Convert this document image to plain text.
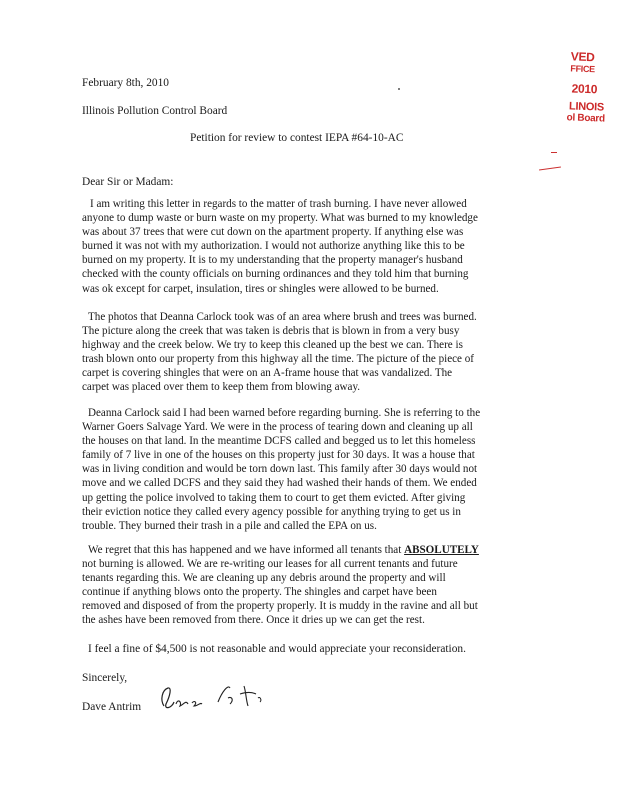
VED
FFICE
2010
LINOIS
ol Board
February 8th, 2010
Illinois Pollution Control Board
Petition for review to contest IEPA #64-10-AC
Dear Sir or Madam:

I am writing this letter in regards to the matter of trash burning. I have never allowed

anyone to dump waste or burn waste on my property. What was burned to my knowledge

was about 37 trees that were cut down on the apartment property. If anything else was

burned it was not with my authorization. I would not authorize anything like this to be

burned on my property. It is to my understanding that the property manager's husband

checked with the county officials on burning ordinances and they told him that burning

was ok except for carpet, insulation, tires or shingles were allowed to be burned.

The photos that Deanna Carlock took was of an area where brush and trees was burned.

The picture along the creek that was taken is debris that is blown in from a very busy

highway and the creek below. We try to keep this cleaned up the best we can. There is

trash blown onto our property from this highway all the time. The picture of the piece of

carpet is covering shingles that were on an A-frame house that was vandalized. The

carpet was placed over them to keep them from blowing away.

Deanna Carlock said I had been warned before regarding burning. She is referring to the

Warner Goers Salvage Yard. We were in the process of tearing down and cleaning up all

the houses on that land. In the meantime DCFS called and begged us to let this homeless

family of 7 live in one of the houses on this property just for 30 days. It was a house that

was in living condition and would be torn down last. This family after 30 days would not

move and we called DCFS and they said they had washed their hands of them. We ended

up getting the police involved to taking them to court to get them evicted. After giving

their eviction notice they called every agency possible for anything trying to get us in

trouble. They burned their trash in a pile and called the EPA on us.

We regret that this has happened and we have informed all tenants that ABSOLUTELY

not burning is allowed. We are re-writing our leases for all current tenants and future

tenants regarding this. We are cleaning up any debris around the property and will

continue if anything blows onto the property. The shingles and carpet have been

removed and disposed of from the property properly. It is muddy in the ravine and all but

the ashes have been removed from there. Once it dries up we can get the rest.

I feel a fine of $4,500 is not reasonable and would appreciate your reconsideration.
Sincerely,
Dave Antrim
